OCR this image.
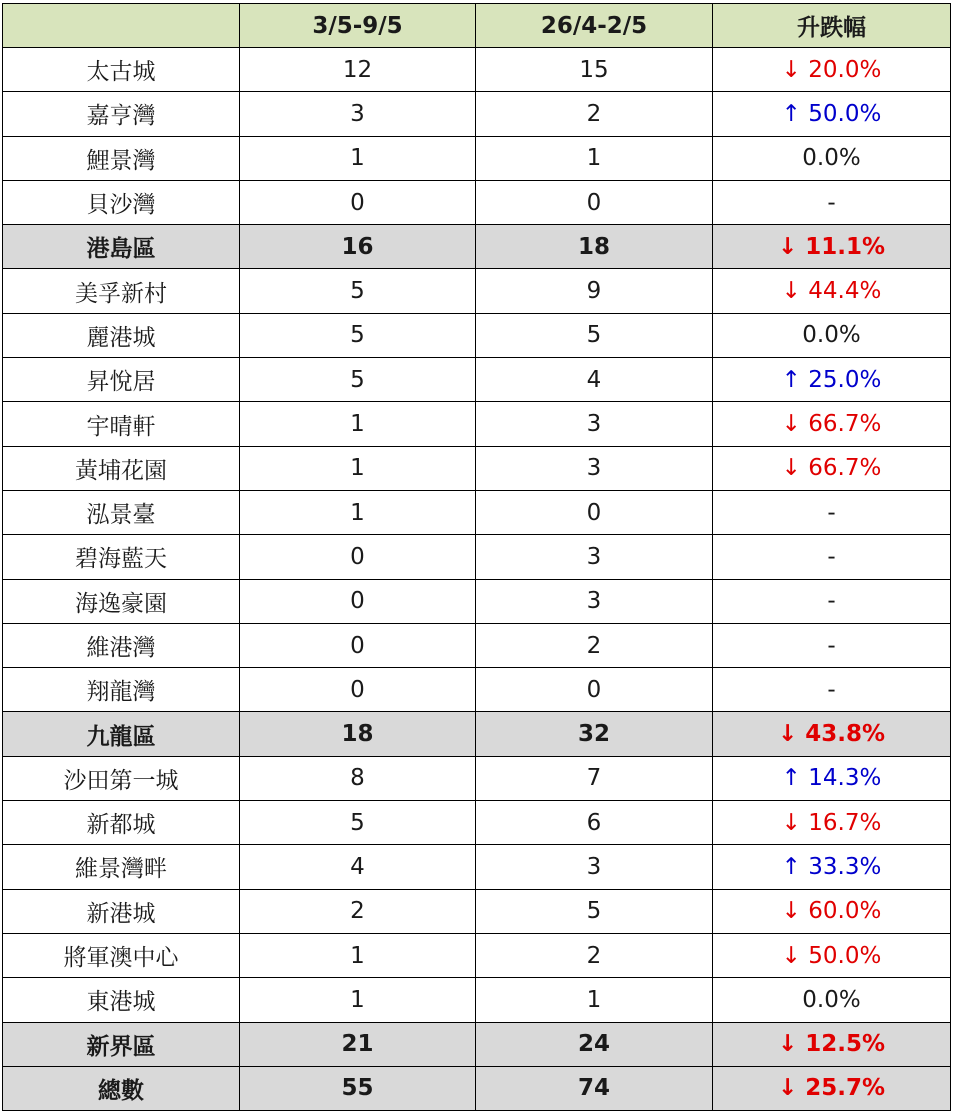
	3/5-9/5	26/4-2/5	升跌幅
太古城	12	15	↓ 20.0%
嘉亨灣	3	2	↑ 50.0%
鯉景灣	1	1	0.0%
貝沙灣	0	0	-
港島區	16	18	↓ 11.1%
美孚新村	5	9	↓ 44.4%
麗港城	5	5	0.0%
昇悅居	5	4	↑ 25.0%
宇晴軒	1	3	↓ 66.7%
黃埔花園	1	3	↓ 66.7%
泓景臺	1	0	-
碧海藍天	0	3	-
海逸豪園	0	3	-
維港灣	0	2	-
翔龍灣	0	0	-
九龍區	18	32	↓ 43.8%
沙田第一城	8	7	↑ 14.3%
新都城	5	6	↓ 16.7%
維景灣畔	4	3	↑ 33.3%
新港城	2	5	↓ 60.0%
將軍澳中心	1	2	↓ 50.0%
東港城	1	1	0.0%
新界區	21	24	↓ 12.5%
總數	55	74	↓ 25.7%
